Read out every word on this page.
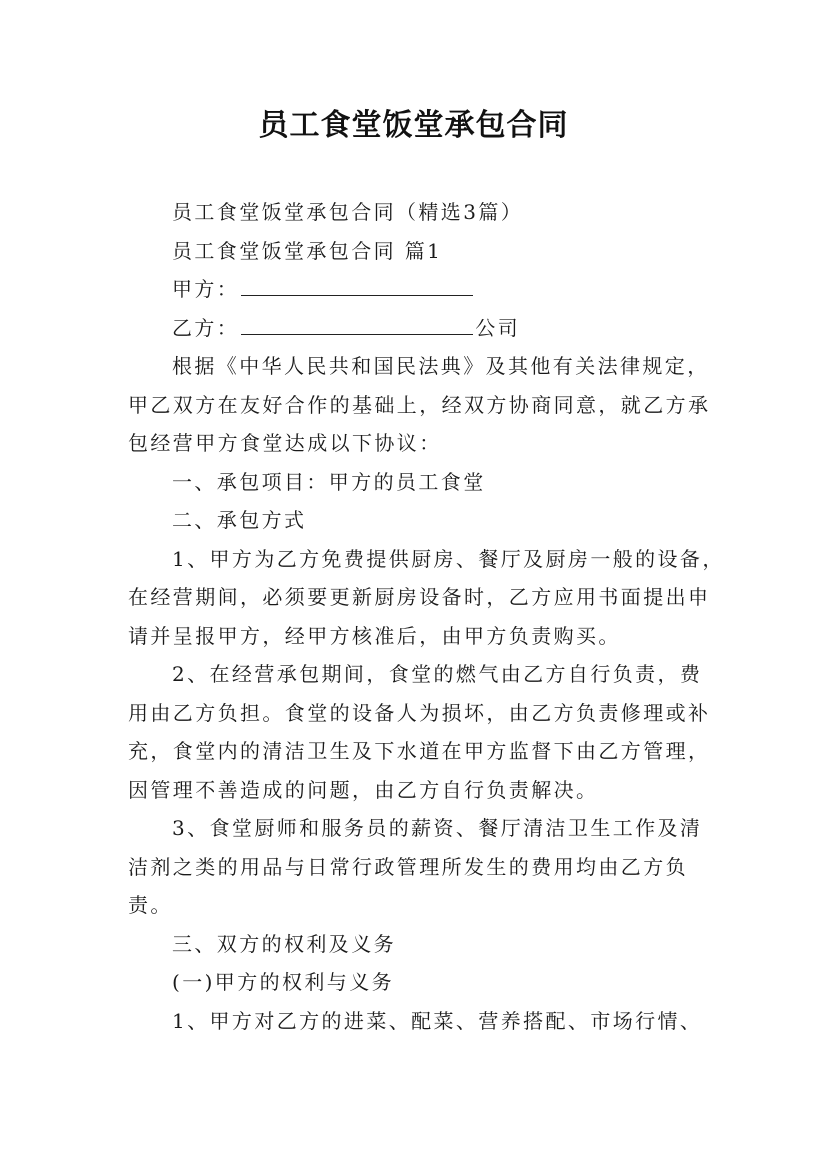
员工食堂饭堂承包合同

员工食堂饭堂承包合同（精选3篇）

员工食堂饭堂承包合同 篇1

甲方：

乙方：	公司

根据《中华人民共和国民法典》及其他有关法律规定，

甲乙双方在友好合作的基础上，经双方协商同意，就乙方承

包经营甲方食堂达成以下协议：

一、承包项目：甲方的员工食堂

二、承包方式

1、甲方为乙方免费提供厨房、餐厅及厨房一般的设备，

在经营期间，必须要更新厨房设备时，乙方应用书面提出申

请并呈报甲方，经甲方核准后，由甲方负责购买。

2、在经营承包期间，食堂的燃气由乙方自行负责，费

用由乙方负担。食堂的设备人为损坏，由乙方负责修理或补

充，食堂内的清洁卫生及下水道在甲方监督下由乙方管理，

因管理不善造成的问题，由乙方自行负责解决。

3、食堂厨师和服务员的薪资、餐厅清洁卫生工作及清

洁剂之类的用品与日常行政管理所发生的费用均由乙方负

责。

三、双方的权利及义务

(一)甲方的权利与义务

1、甲方对乙方的进菜、配菜、营养搭配、市场行情、
